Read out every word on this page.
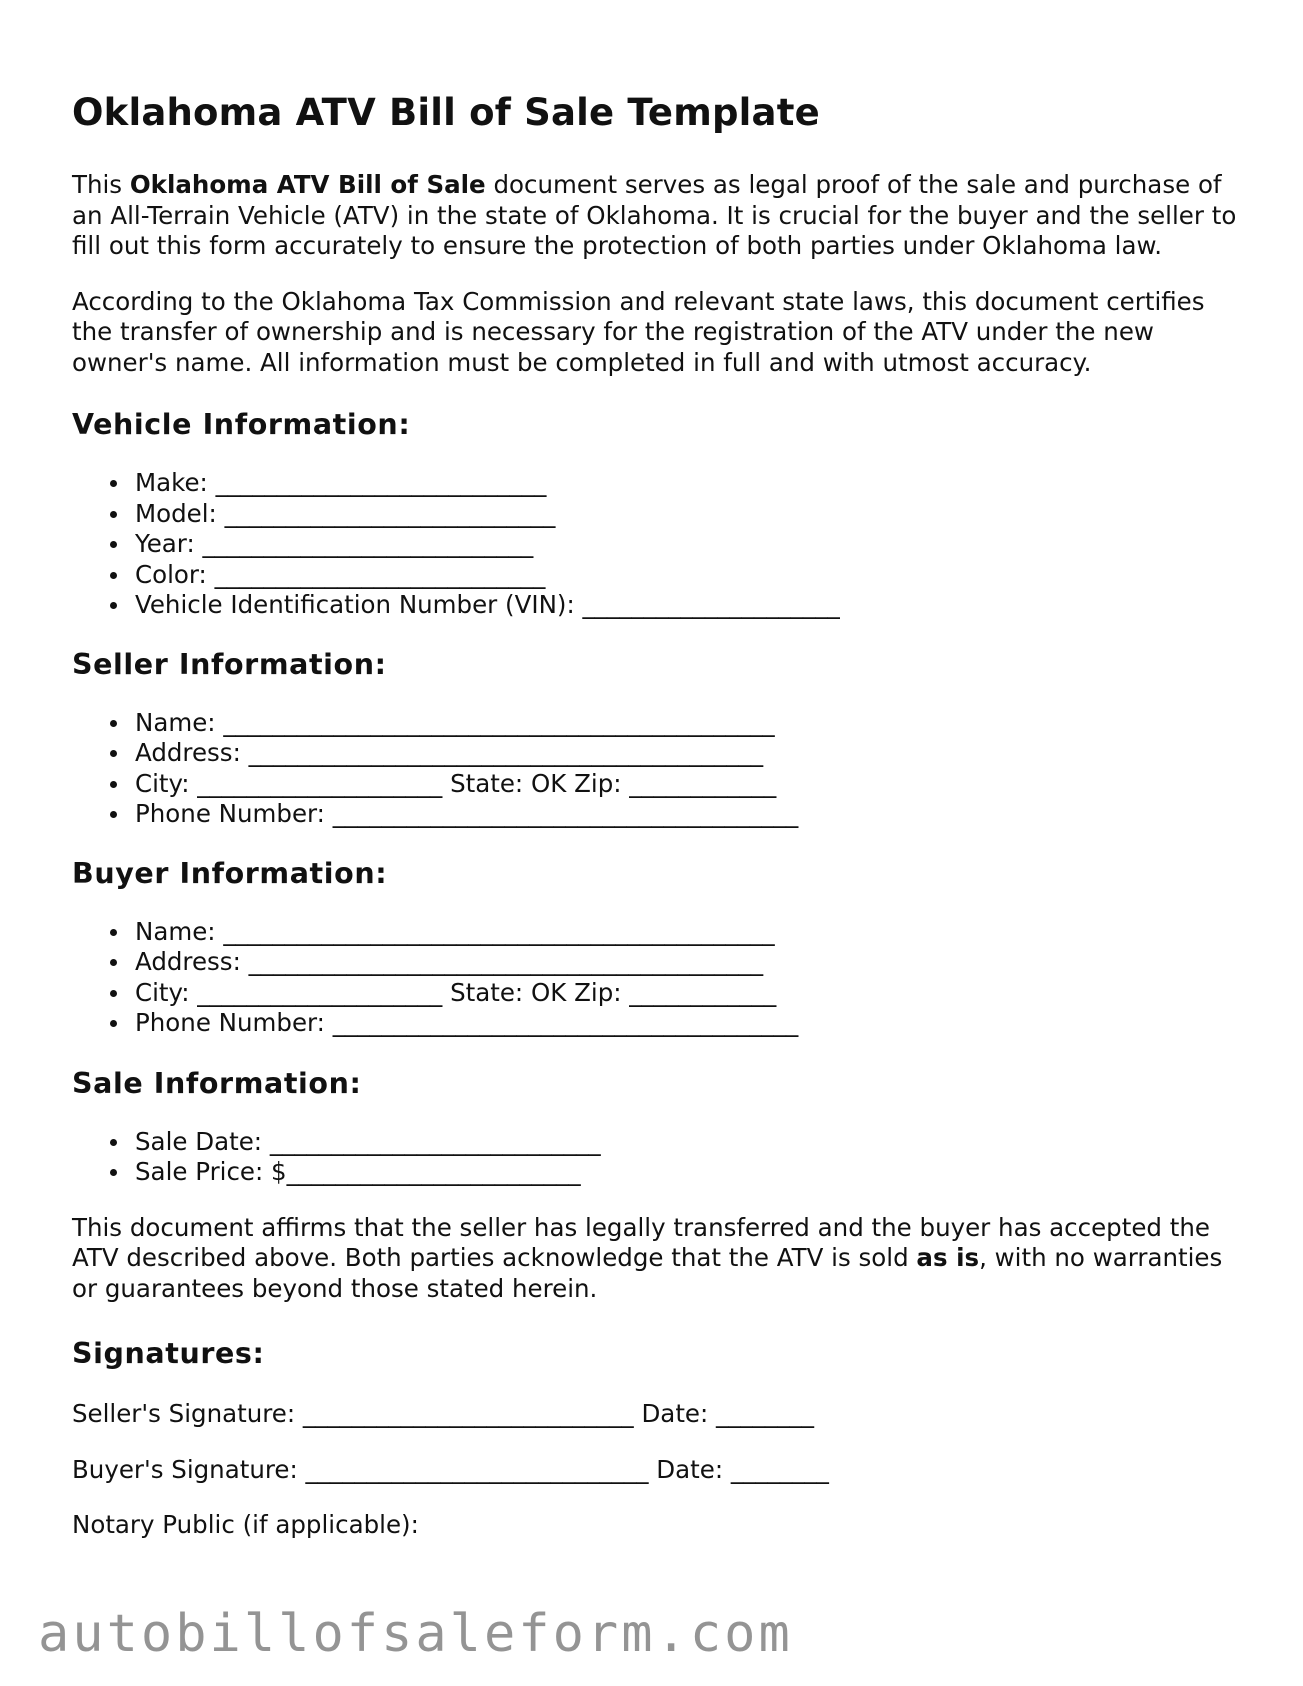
Oklahoma ATV Bill of Sale Template

This Oklahoma ATV Bill of Sale document serves as legal proof of the sale and purchase of an All-Terrain Vehicle (ATV) in the state of Oklahoma. It is crucial for the buyer and the seller to fill out this form accurately to ensure the protection of both parties under Oklahoma law.

According to the Oklahoma Tax Commission and relevant state laws, this document certifies the transfer of ownership and is necessary for the registration of the ATV under the new owner's name. All information must be completed in full and with utmost accuracy.

Vehicle Information:
Make: ___________________________
Model: ___________________________
Year: ___________________________
Color: ___________________________
Vehicle Identification Number (VIN): _____________________
Seller Information:
Name: _____________________________________________
Address: __________________________________________
City: ____________________ State: OK Zip: ____________
Phone Number: ______________________________________
Buyer Information:
Name: _____________________________________________
Address: __________________________________________
City: ____________________ State: OK Zip: ____________
Phone Number: ______________________________________
Sale Information:
Sale Date: ___________________________
Sale Price: $________________________

This document affirms that the seller has legally transferred and the buyer has accepted the ATV described above. Both parties acknowledge that the ATV is sold as is, with no warranties or guarantees beyond those stated herein.

Signatures:
Seller's Signature: ___________________________ Date: ________
Buyer's Signature: ____________________________ Date: ________
Notary Public (if applicable):
autobillofsaleform.com
